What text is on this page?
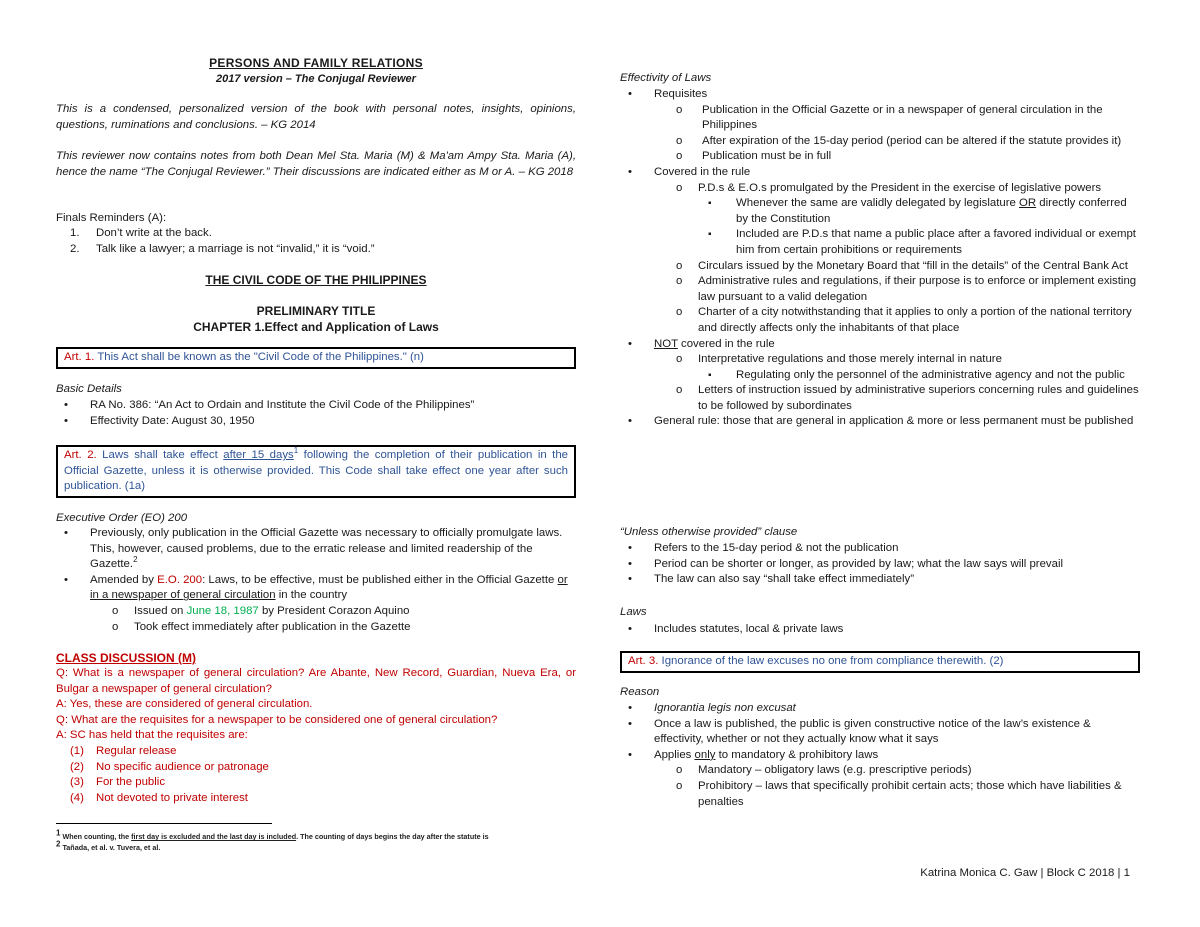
PERSONS AND FAMILY RELATIONS
2017 version – The Conjugal Reviewer
This is a condensed, personalized version of the book with personal notes, insights, opinions, questions, ruminations and conclusions. – KG 2014
This reviewer now contains notes from both Dean Mel Sta. Maria (M) & Ma'am Ampy Sta. Maria (A), hence the name “The Conjugal Reviewer.” Their discussions are indicated either as M or A. – KG 2018
Finals Reminders (A):
1. Don’t write at the back.
2. Talk like a lawyer; a marriage is not “invalid,” it is “void.”
THE CIVIL CODE OF THE PHILIPPINES
PRELIMINARY TITLE
CHAPTER 1.Effect and Application of Laws
Art. 1. This Act shall be known as the "Civil Code of the Philippines." (n)
Basic Details
• RA No. 386: “An Act to Ordain and Institute the Civil Code of the Philippines”
• Effectivity Date: August 30, 1950
Art. 2. Laws shall take effect after 15 days$^1$ following the completion of their publication in the Official Gazette, unless it is otherwise provided. This Code shall take effect one year after such publication. (1a)
Executive Order (EO) 200
• Previously, only publication in the Official Gazette was necessary to officially promulgate laws. This, however, caused problems, due to the erratic release and limited readership of the Gazette.$^2$
• Amended by E.O. 200: Laws, to be effective, must be published either in the Official Gazette or in a newspaper of general circulation in the country
o Issued on June 18, 1987 by President Corazon Aquino
o Took effect immediately after publication in the Gazette
CLASS DISCUSSION (M)
Q: What is a newspaper of general circulation? Are Abante, New Record, Guardian, Nueva Era, or Bulgar a newspaper of general circulation?
A: Yes, these are considered of general circulation.
Q: What are the requisites for a newspaper to be considered one of general circulation?
A: SC has held that the requisites are:
(1) Regular release
(2) No specific audience or patronage
(3) For the public
(4) Not devoted to private interest
1 When counting, the first day is excluded and the last day is included. The counting of days begins the day after the statute is
2 Tañada, et al. v. Tuvera, et al.
Effectivity of Laws
• Requisites
o Publication in the Official Gazette or in a newspaper of general circulation in the Philippines
o After expiration of the 15-day period (period can be altered if the statute provides it)
o Publication must be in full
• Covered in the rule
o P.D.s & E.O.s promulgated by the President in the exercise of legislative powers
▪ Whenever the same are validly delegated by legislature OR directly conferred by the Constitution
▪ Included are P.D.s that name a public place after a favored individual or exempt him from certain prohibitions or requirements
o Circulars issued by the Monetary Board that “fill in the details” of the Central Bank Act
o Administrative rules and regulations, if their purpose is to enforce or implement existing law pursuant to a valid delegation
o Charter of a city notwithstanding that it applies to only a portion of the national territory and directly affects only the inhabitants of that place
• NOT covered in the rule
o Interpretative regulations and those merely internal in nature
▪ Regulating only the personnel of the administrative agency and not the public
o Letters of instruction issued by administrative superiors concerning rules and guidelines to be followed by subordinates
• General rule: those that are general in application & more or less permanent must be published
“Unless otherwise provided” clause
• Refers to the 15-day period & not the publication
• Period can be shorter or longer, as provided by law; what the law says will prevail
• The law can also say “shall take effect immediately”
Laws
• Includes statutes, local & private laws
Art. 3. Ignorance of the law excuses no one from compliance therewith. (2)
Reason
• Ignorantia legis non excusat
• Once a law is published, the public is given constructive notice of the law’s existence & effectivity, whether or not they actually know what it says
• Applies only to mandatory & prohibitory laws
o Mandatory – obligatory laws (e.g. prescriptive periods)
o Prohibitory – laws that specifically prohibit certain acts; those which have liabilities & penalties
Katrina Monica C. Gaw | Block C 2018 | 1
